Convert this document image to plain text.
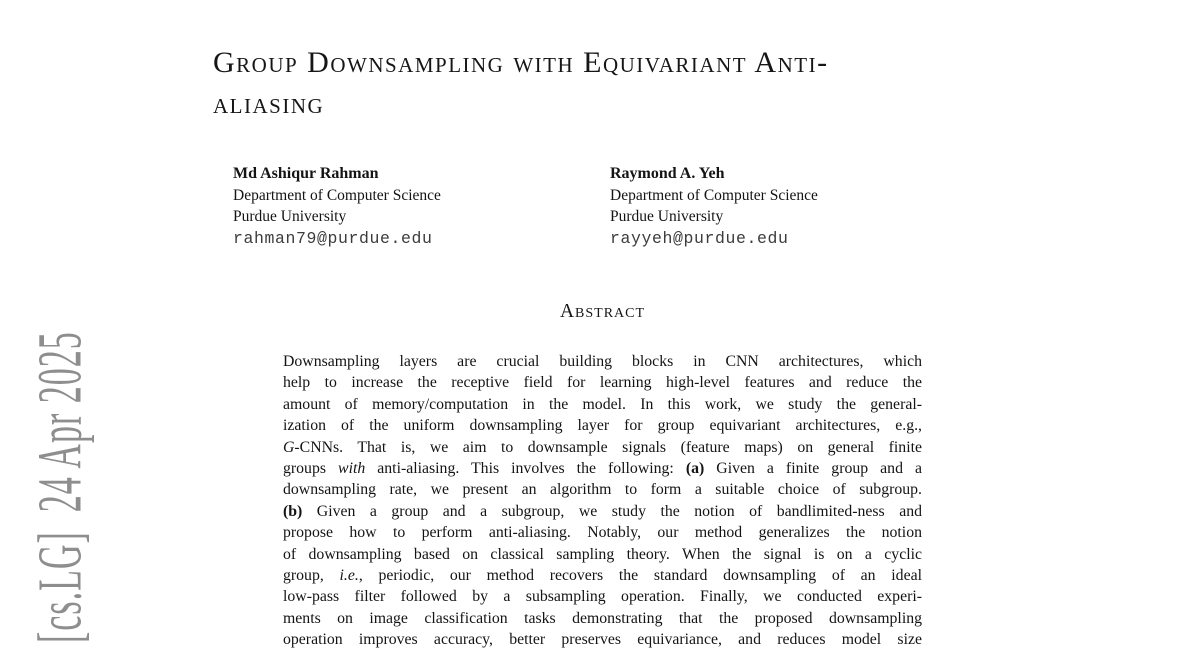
[cs.LG]  24 Apr 2025
Group Downsampling with Equivariant Anti-
aliasing
Md Ashiqur Rahman
Department of Computer Science
Purdue University
rahman79@purdue.edu
Raymond A. Yeh
Department of Computer Science
Purdue University
rayyeh@purdue.edu
Abstract
Downsampling layers are crucial building blocks in CNN architectures, which
help to increase the receptive field for learning high-level features and reduce the
amount of memory/computation in the model. In this work, we study the general-
ization of the uniform downsampling layer for group equivariant architectures, e.g.,
G-CNNs. That is, we aim to downsample signals (feature maps) on general finite
groups with anti-aliasing. This involves the following: (a) Given a finite group and a
downsampling rate, we present an algorithm to form a suitable choice of subgroup.
(b) Given a group and a subgroup, we study the notion of bandlimited-ness and
propose how to perform anti-aliasing. Notably, our method generalizes the notion
of downsampling based on classical sampling theory. When the signal is on a cyclic
group, i.e., periodic, our method recovers the standard downsampling of an ideal
low-pass filter followed by a subsampling operation. Finally, we conducted experi-
ments on image classification tasks demonstrating that the proposed downsampling
operation improves accuracy, better preserves equivariance, and reduces model size
